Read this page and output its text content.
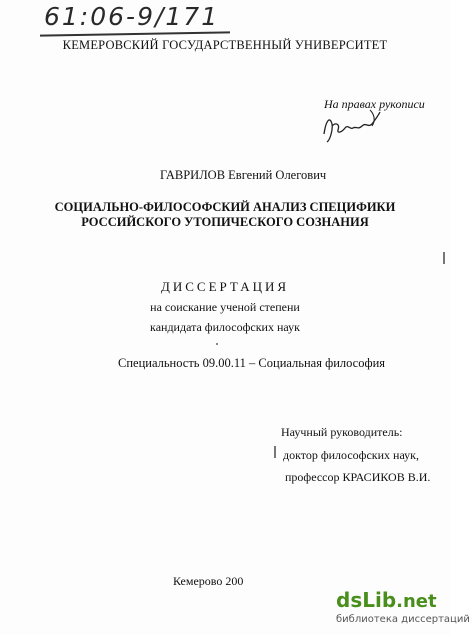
61:06-9/171
КЕМЕРОВСКИЙ ГОСУДАРСТВЕННЫЙ УНИВЕРСИТЕТ
На правах рукописи
ГАВРИЛОВ Евгений Олегович
СОЦИАЛЬНО-ФИЛОСОФСКИЙ АНАЛИЗ СПЕЦИФИКИ
РОССИЙСКОГО УТОПИЧЕСКОГО СОЗНАНИЯ
ДИССЕРТАЦИЯ
на соискание ученой степени
кандидата философских наук
Специальность 09.00.11 – Социальная философия
Научный руководитель:
доктор философских наук,
профессор КРАСИКОВ В.И.
Кемерово 200
dsLib.net
библиотека диссертаций
